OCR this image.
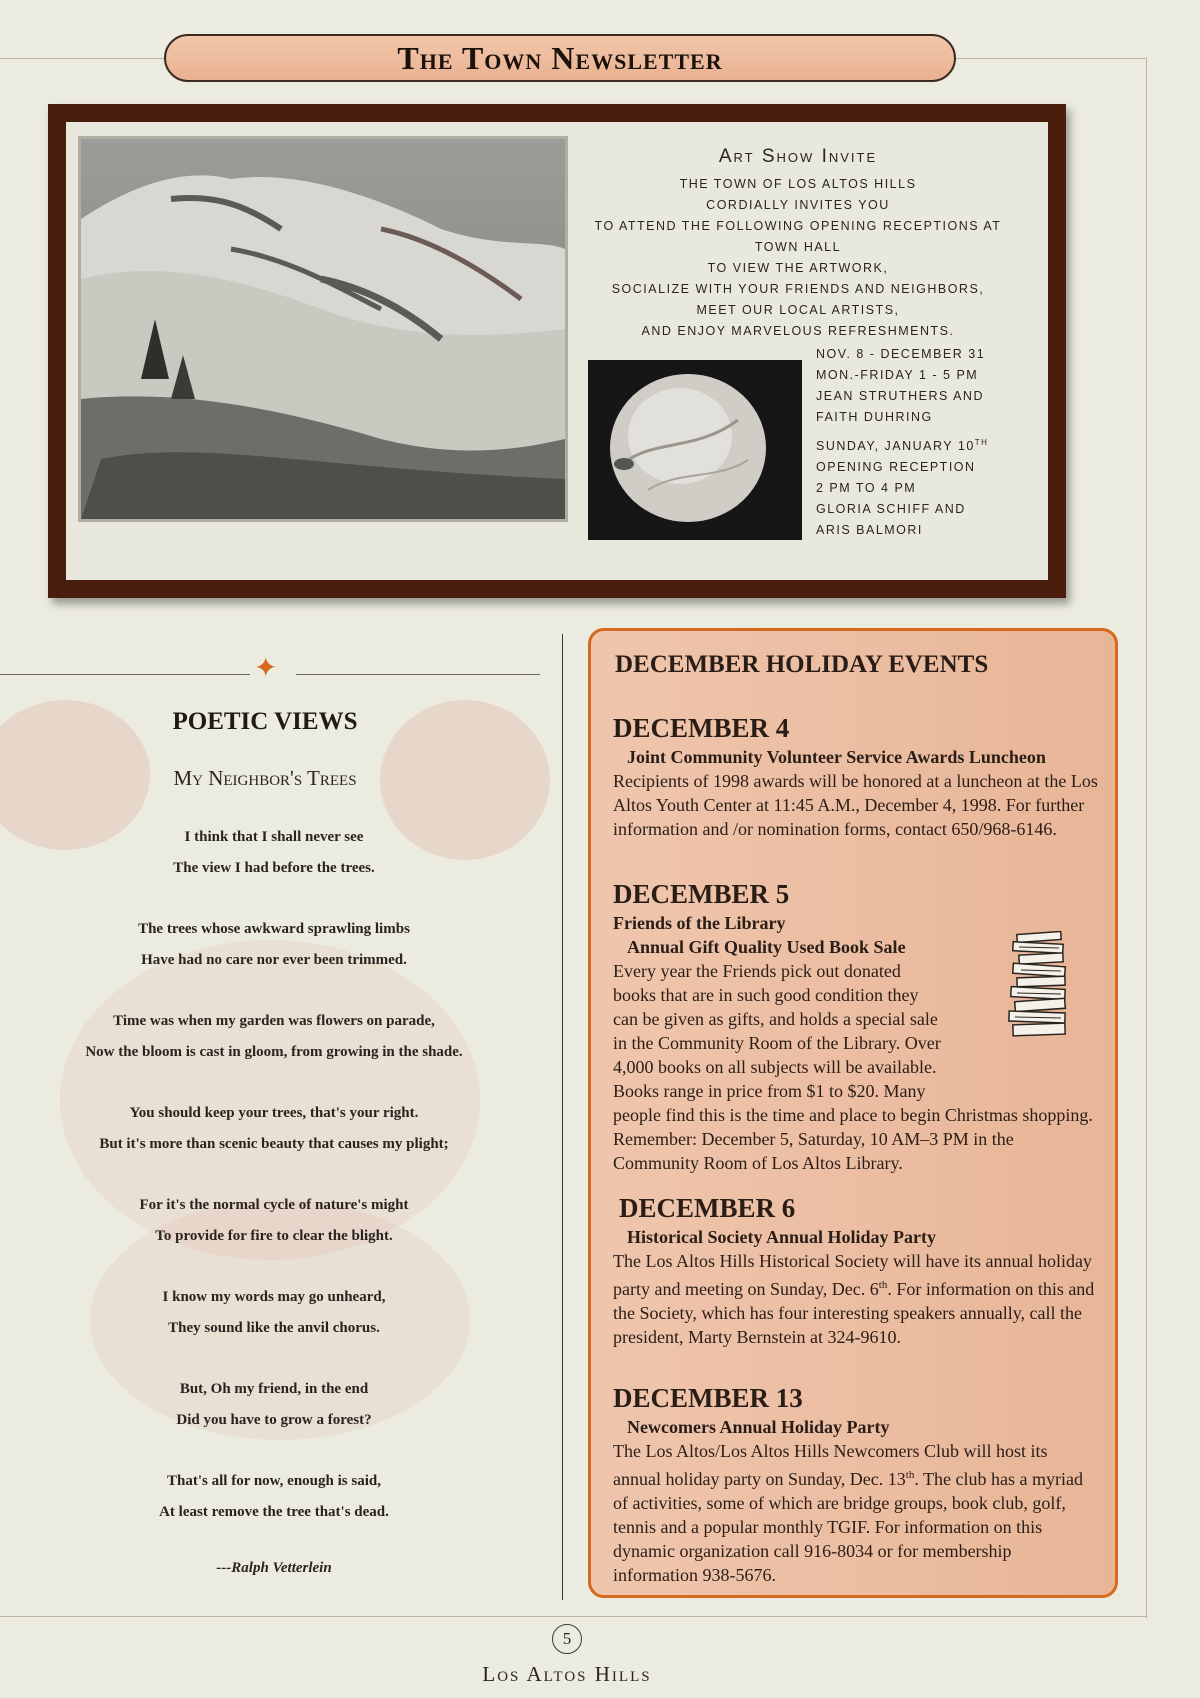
The Town Newsletter
Art Show Invite
THE TOWN OF LOS ALTOS HILLS
CORDIALLY INVITES YOU
TO ATTEND THE FOLLOWING OPENING RECEPTIONS AT
TOWN HALL
TO VIEW THE ARTWORK,
SOCIALIZE WITH YOUR FRIENDS AND NEIGHBORS,
MEET OUR LOCAL ARTISTS,
AND ENJOY MARVELOUS REFRESHMENTS.
NOV. 8 - DECEMBER 31
MON.-FRIDAY 1 - 5 PM
JEAN STRUTHERS AND
FAITH DUHRING
SUNDAY, JANUARY 10TH
OPENING RECEPTION
2 PM TO 4 PM
GLORIA SCHIFF AND
ARIS BALMORI
✦
POETIC VIEWS
My Neighbor's Trees
I think that I shall never see
The view I had before the trees.
The trees whose awkward sprawling limbs
Have had no care nor ever been trimmed.
Time was when my garden was flowers on parade,
Now the bloom is cast in gloom, from growing in the shade.
You should keep your trees, that's your right.
But it's more than scenic beauty that causes my plight;
For it's the normal cycle of nature's might
To provide for fire to clear the blight.
I know my words may go unheard,
They sound like the anvil chorus.
But, Oh my friend, in the end
Did you have to grow a forest?
That's all for now, enough is said,
At least remove the tree that's dead.
---Ralph Vetterlein
DECEMBER HOLIDAY EVENTS
DECEMBER 4
Joint Community Volunteer Service Awards Luncheon
Recipients of 1998 awards will be honored at a luncheon at the Los Altos Youth Center at 11:45 A.M., December 4, 1998. For further information and /or nomination forms, contact 650/968-6146.
DECEMBER 5
Friends of the Library
Annual Gift Quality Used Book Sale
Every year the Friends pick out donated
books that are in such good condition they
can be given as gifts, and holds a special sale
in the Community Room of the Library. Over
4,000 books on all subjects will be available.
Books range in price from $1 to $20. Many
people find this is the time and place to begin Christmas shopping. Remember: December 5, Saturday, 10 AM–3 PM in the Community Room of Los Altos Library.
DECEMBER 6
Historical Society Annual Holiday Party
The Los Altos Hills Historical Society will have its annual holiday party and meeting on Sunday, Dec. 6th. For information on this and the Society, which has four interesting speakers annually, call the president, Marty Bernstein at 324-9610.
DECEMBER 13
Newcomers Annual Holiday Party
The Los Altos/Los Altos Hills Newcomers Club will host its annual holiday party on Sunday, Dec. 13th. The club has a myriad of activities, some of which are bridge groups, book club, golf, tennis and a popular monthly TGIF. For information on this dynamic organization call 916-8034 or for membership information 938-5676.
5
Los Altos Hills
